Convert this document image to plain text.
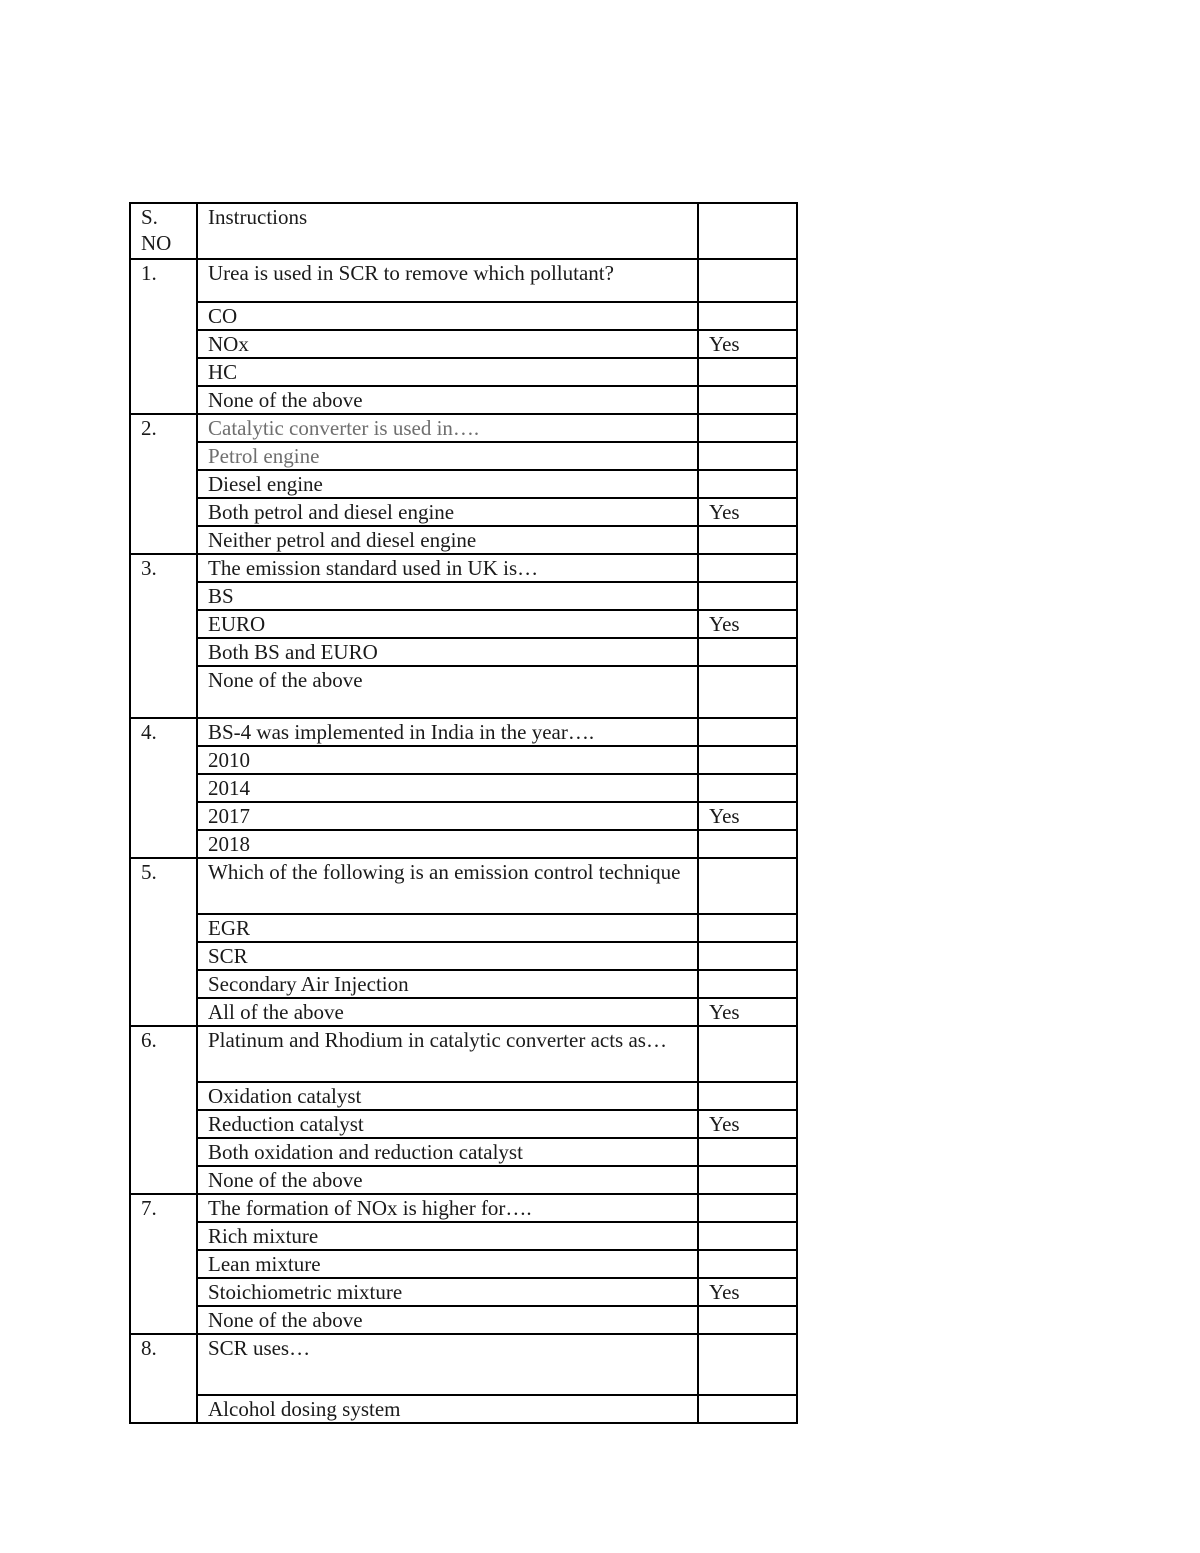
S.
NO	Instructions	
1.	Urea is used in SCR to remove which pollutant?	
	CO	
	NOx	Yes
	HC	
	None of the above	
2.	Catalytic converter is used in….	
	Petrol engine	
	Diesel engine	
	Both petrol and diesel engine	Yes
	Neither petrol and diesel engine	
3.	The emission standard used in UK is…	
	BS	
	EURO	Yes
	Both BS and EURO	
	None of the above	
4.	BS-4 was implemented in India in the year….	
	2010	
	2014	
	2017	Yes
	2018	
5.	Which of the following is an emission control technique	
	EGR	
	SCR	
	Secondary Air Injection	
	All of the above	Yes
6.	Platinum and Rhodium in catalytic converter acts as…	
	Oxidation catalyst	
	Reduction catalyst	Yes
	Both oxidation and reduction catalyst	
	None of the above	
7.	The formation of NOx is higher for….	
	Rich mixture	
	Lean mixture	
	Stoichiometric mixture	Yes
	None of the above	
8.	SCR uses…	
	Alcohol dosing system	
